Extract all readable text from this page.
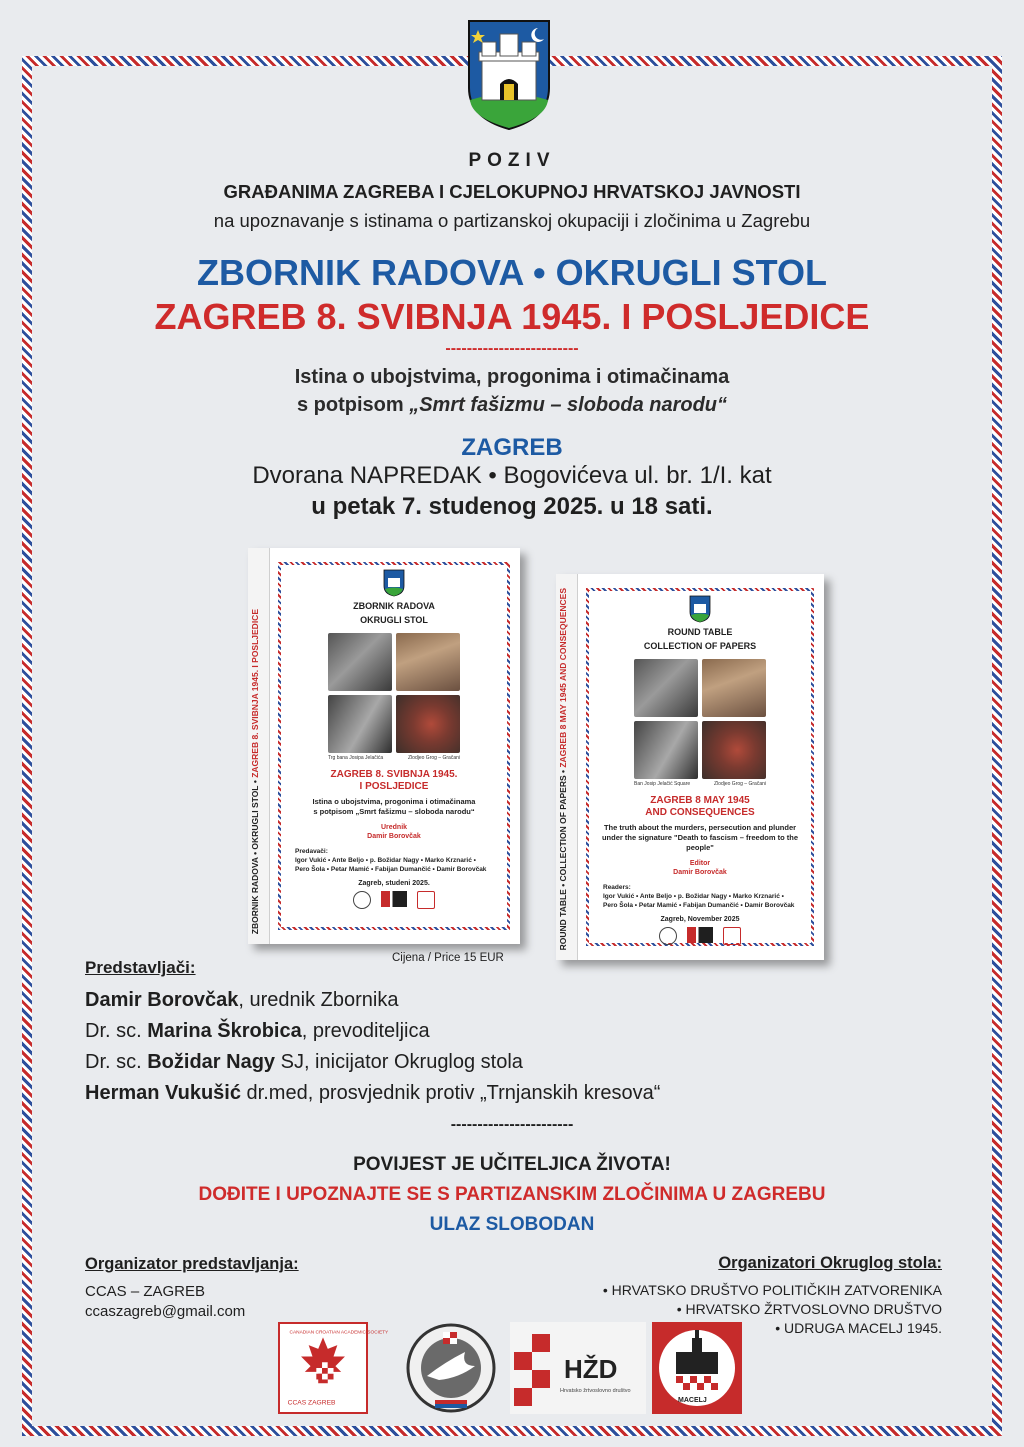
POZIV
GRAĐANIMA ZAGREBA I CJELOKUPNOJ HRVATSKOJ JAVNOSTI
na upoznavanje s istinama o partizanskoj okupaciji i zločinima u Zagrebu
ZBORNIK RADOVA • OKRUGLI STOL
ZAGREB 8. SVIBNJA 1945. I POSLJEDICE
-------------------------
Istina o ubojstvima, progonima i otimačinama
s potpisom „Smrt fašizmu – sloboda narodu“
ZAGREB
Dvorana NAPREDAK • Bogovićeva ul. br. 1/I. kat
u petak 7. studenog 2025. u 18 sati.
ZBORNIK RADOVA • OKRUGLI STOL • ZAGREB 8. SVIBNJA 1945. I POSLJEDICE
ZBORNIK RADOVA
OKRUGLI STOL
Trg bana Josipa Jelačića	Zlodjeo Grog – Gračani
ZAGREB 8. SVIBNJA 1945.
I POSLJEDICE
Istina o ubojstvima, progonima i otimačinama
s potpisom „Smrt fašizmu – sloboda narodu“
Urednik
Damir Borovčak
Predavači:
Igor Vukić • Ante Beljo • p. Božidar Nagy • Marko Krznarić •
Pero Šola • Petar Mamić • Fabijan Dumančić • Damir Borovčak
Zagreb, studeni 2025.	ROUND TABLE • COLLECTION OF PAPERS • ZAGREB 8 MAY 1945 AND CONSEQUENCES	ROUND TABLE
COLLECTION OF PAPERS
Ban Josip Jelačić Square	Zlodjeo Grog – Gračani
ZAGREB 8 MAY 1945
AND CONSEQUENCES
The truth about the murders, persecution and plunder
under the signature "Death to fascism – freedom to the people"
Editor
Damir Borovčak
Readers:
Igor Vukić • Ante Beljo • p. Božidar Nagy • Marko Krznarić •
Pero Šola • Petar Mamić • Fabijan Dumančić • Damir Borovčak
Zagreb, November 2025
Cijena / Price 15 EUR
Predstavljači:
Damir Borovčak, urednik Zbornika
Dr. sc. Marina Škrobica, prevoditeljica
Dr. sc. Božidar Nagy SJ, inicijator Okruglog stola
Herman Vukušić dr.med, prosvjednik protiv „Trnjanskih kresova“
-----------------------
POVIJEST JE UČITELJICA ŽIVOTA!
DOĐITE I UPOZNAJTE SE S PARTIZANSKIM ZLOČINIMA U ZAGREBU
ULAZ SLOBODAN
Organizator predstavljanja:
CCAS – ZAGREB
ccaszagreb@gmail.com
Organizatori Okruglog stola:
• HRVATSKO DRUŠTVO POLITIČKIH ZATVORENIKA
• HRVATSKO ŽRTVOSLOVNO DRUŠTVO
• UDRUGA MACELJ 1945.
CCAS ZAGREB
CANADIAN CROATIAN ACADEMIC SOCIETY
HŽD
Hrvatsko žrtvoslovno društvo
MACELJ
